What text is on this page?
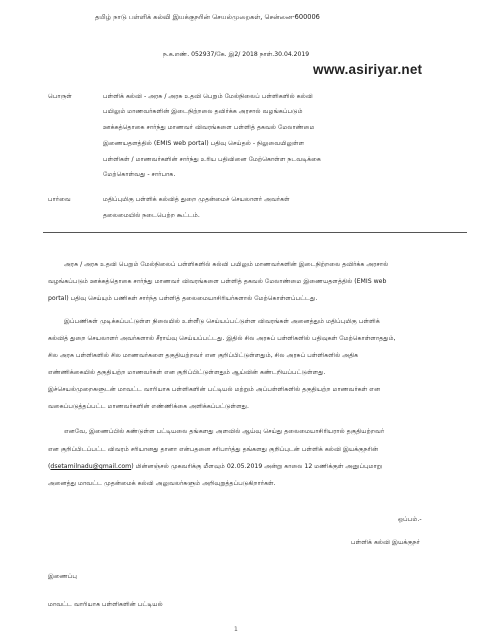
தமிழ் நாடு பள்ளிக் கல்வி இயக்குநரின் செயல்முறைகள், சென்னை-600006
ந.க.எண். 052937/கே. இ2/ 2018 நாள்.30.04.2019
www.asiriyar.net
பொருள்	பள்ளிக் கல்வி - அரசு / அரசு உதவி பெறும் மேல்நிலைப் பள்ளிகளில் கல்வி
பயிலும் மாணவர்களின் இடைநிற்றலை தவிர்க்க அரசால் வழங்கப்படும்
ஊக்கத்தொகை சார்ந்து மாணவர் விவரங்களை பள்ளித் தகவல் மேலாண்மை
இணையதளத்தில் (EMIS web portal) பதிவு செய்தல் - நிலுவையிலுள்ள
பள்ளிகள் / மாணவர்களின் சார்ந்து உரிய பதிவினை மேற்கொள்ள நடவடிக்கை
மேற்கொள்வது - சார்பாக.
பார்வை	மதிப்புமிகு பள்ளிக் கல்வித் துறை முதன்மைச் செயலாளர் அவர்கள்
தலைமையில் நடைபெற்ற கூட்டம்.
அரசு / அரசு உதவி பெறும் மேல்நிலைப் பள்ளிகளில் கல்வி பயிலும் மாணவர்களின் இடைநிற்றலை தவிர்க்க அரசால்
வழங்கப்படும் ஊக்கத்தொகை சார்ந்து மாணவர் விவரங்களை பள்ளித் தகவல் மேலாண்மை இணையதளத்தில் (EMIS web
portal) பதிவு செய்யும் பணிகள் சார்ந்த பள்ளித் தலைமையாசிரியர்களால் மேற்கொள்ளப்பட்டது.
இப்பணிகள் முடிக்கப்பட்டுள்ள நிலையில் உள்ளீடு செய்யப்பட்டுள்ள விவரங்கள் அனைத்தும் மதிப்புமிகு பள்ளிக்
கல்வித் துறை செயலாளர் அவர்களால் சீராய்வு செய்யப்பட்டது. இதில் சில அரசுப் பள்ளிகளில் பதிவுகள் மேற்கொள்ளாததும்,
சில அரசு பள்ளிகளில் சில மாணவர்களை தகுதியற்றவர் என குறிப்பிட்டுள்ளதும், சில அரசுப் பள்ளிகளில் அதிக
எண்ணிக்கையில் தகுதியற்ற மாணவர்கள் என குறிப்பிட்டுள்ளதும் ஆய்வின் கண்டறியப்பட்டுள்ளது.
இச்செயல்முறைகளுடன் மாவட்ட வாரியாக பள்ளிகளின் பட்டியல் மற்றும் அப்பள்ளிகளில் தகுதியற்ற மாணவர்கள் என
வகைப்படுத்தப்பட்ட மாணவர்களின் எண்ணிக்கை அளிக்கப்பட்டுள்ளது.
எனவே, இணைப்பில் கண்டுள்ள பட்டியலை தங்களது அளவில் ஆய்வு செய்து தலைமையாசிரியரால் தகுதியற்றவர்
என குறிப்பிடப்பட்ட விவரம் சரியானது தானா என்பதனை சரிபார்த்து தங்களது குறிப்புடன் பள்ளிக் கல்வி இயக்குநரின்
(dsetamilnadu@gmail.com) மின்னஞ்சல் முகவரிக்கு மீளவும் 02.05.2019 அன்று காலை 12 மணிக்குள் அனுப்புமாறு
அனைத்து மாவட்ட முதன்மைக் கல்வி அலுவலர்களும் அறிவுறுத்தப்படுகிறார்கள்.
ஒப்பம்.-
பள்ளிக் கல்வி இயக்குநர்
இணைப்பு
மாவட்ட வாரியாக பள்ளிகளின் பட்டியல்
1
